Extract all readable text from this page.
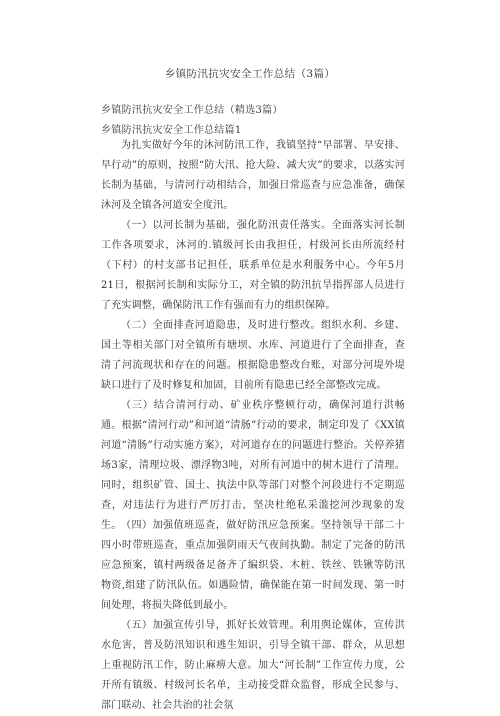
乡镇防汛抗灾安全工作总结（3篇）
乡镇防汛抗灾安全工作总结（精选3篇）
乡镇防汛抗灾安全工作总结篇1

为扎实做好今年的沐河防汛工作，我镇坚持“早部署、早安排、早行动”的原则，按照“防大汛、抢大险、减大灾”的要求，以落实河长制为基础，与清河行动相结合，加强日常巡查与应急准备，确保沐河及全镇各河道安全度汛。

（一）以河长制为基础，强化防汛责任落实。全面落实河长制工作各项要求，沐河的.镇级河长由我担任，村级河长由所流经村（下村）的村支部书记担任，联系单位是水利服务中心。今年5月21日，根据河长制和实际分工，对全镇的防汛抗旱指挥部人员进行了充实调整，确保防汛工作有强而有力的组织保障。

（二）全面排查河道隐患，及时进行整改。组织水利、乡建、国土等相关部门对全镇所有塘坝、水库、河道进行了全面排查，查清了河流现状和存在的问题。根据隐患整改台账，对部分河堤外堤缺口进行了及时修复和加固，目前所有隐患已经全部整改完成。

（三）结合清河行动、矿业秩序整顿行动，确保河道行洪畅通。根据“清河行动”和河道“清肠”行动的要求，制定印发了《XX镇河道“清肠”行动实施方案》，对河道存在的问题进行整治。关停养猪场3家，清理垃圾、漂浮物3吨，对所有河道中的树木进行了清理。同时，组织矿管、国土、执法中队等部门对整个河段进行不定期巡查，对违法行为进行严厉打击，坚决杜绝私采滥挖河沙现象的发生。 （四）加强值班巡查，做好防汛应急预案。坚持领导干部二十四小时带班巡查，重点加强阴雨天气夜间执勤。制定了完备的防汛应急预案，镇村两级备足备齐了编织袋、木桩、铁丝、铁锹等防汛物资,组建了防汛队伍。如遇险情，确保能在第一时间发现、第一时间处理，将损失降低到最小。

（五）加强宣传引导，抓好长效管理。利用舆论媒体，宣传洪水危害，普及防汛知识和逃生知识，引导全镇干部、群众，从思想上重视防汛工作，防止麻痹大意。加大“河长制”工作宣传力度，公开所有镇级、村级河长名单，主动接受群众监督，形成全民参与、部门联动、社会共治的社会氛
